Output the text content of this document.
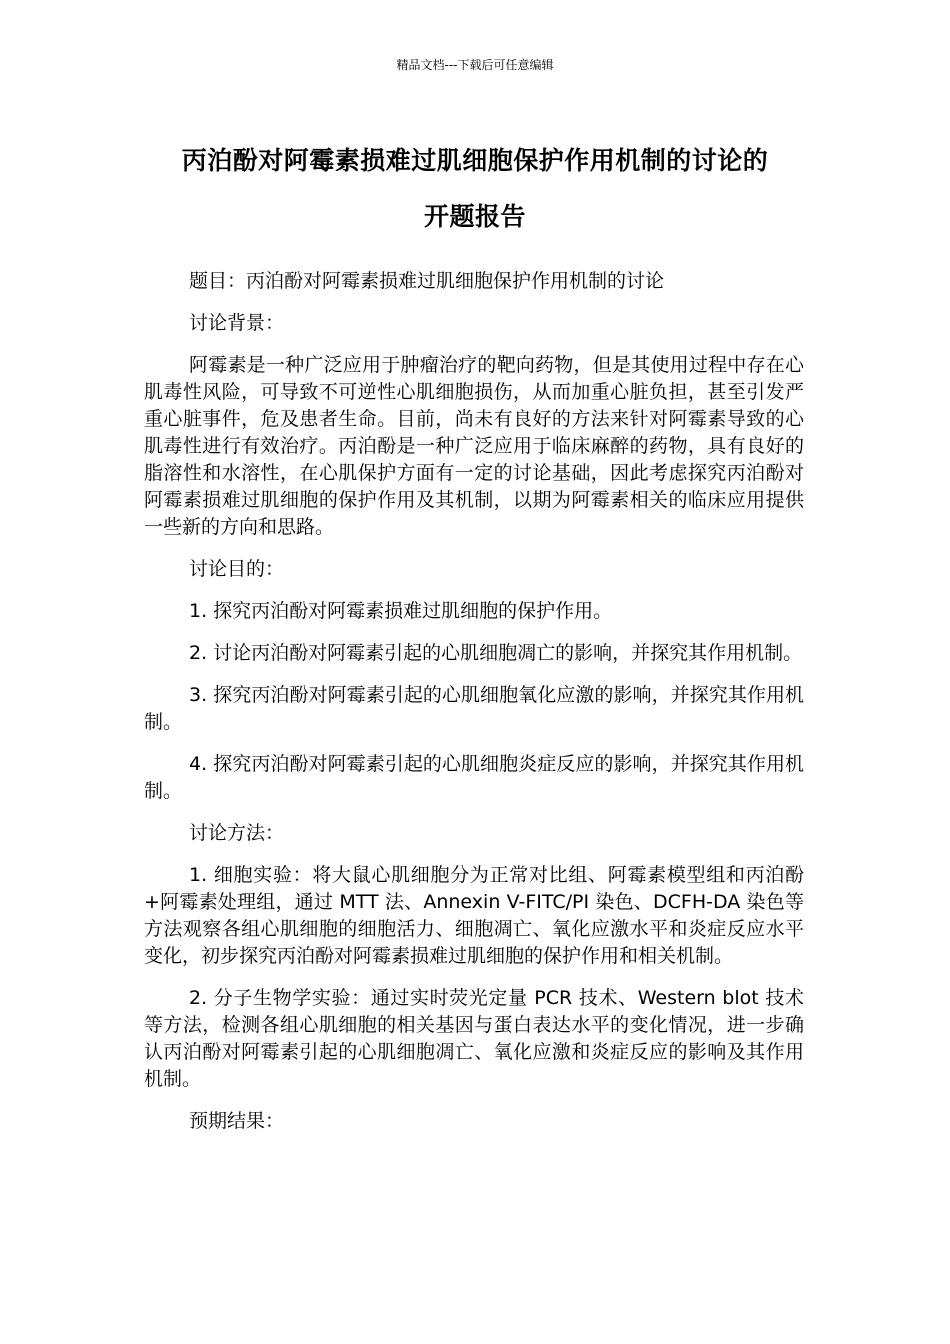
精品文档---下载后可任意编辑
丙泊酚对阿霉素损难过肌细胞保护作用机制的讨论的
开题报告

题目：丙泊酚对阿霉素损难过肌细胞保护作用机制的讨论

讨论背景：

阿霉素是一种广泛应用于肿瘤治疗的靶向药物，但是其使用过程中存在心肌毒性风险，可导致不可逆性心肌细胞损伤，从而加重心脏负担，甚至引发严重心脏事件，危及患者生命。目前，尚未有良好的方法来针对阿霉素导致的心肌毒性进行有效治疗。丙泊酚是一种广泛应用于临床麻醉的药物，具有良好的脂溶性和水溶性，在心肌保护方面有一定的讨论基础，因此考虑探究丙泊酚对阿霉素损难过肌细胞的保护作用及其机制，以期为阿霉素相关的临床应用提供一些新的方向和思路。

讨论目的：

1. 探究丙泊酚对阿霉素损难过肌细胞的保护作用。

2. 讨论丙泊酚对阿霉素引起的心肌细胞凋亡的影响，并探究其作用机制。

3. 探究丙泊酚对阿霉素引起的心肌细胞氧化应激的影响，并探究其作用机制。

4. 探究丙泊酚对阿霉素引起的心肌细胞炎症反应的影响，并探究其作用机制。

讨论方法：

1. 细胞实验：将大鼠心肌细胞分为正常对比组、阿霉素模型组和丙泊酚+阿霉素处理组，通过 MTT 法、Annexin V-FITC/PI 染色、DCFH-DA 染色等方法观察各组心肌细胞的细胞活力、细胞凋亡、氧化应激水平和炎症反应水平变化，初步探究丙泊酚对阿霉素损难过肌细胞的保护作用和相关机制。

2. 分子生物学实验：通过实时荧光定量 PCR 技术、Western blot 技术等方法，检测各组心肌细胞的相关基因与蛋白表达水平的变化情况，进一步确认丙泊酚对阿霉素引起的心肌细胞凋亡、氧化应激和炎症反应的影响及其作用机制。

预期结果：
